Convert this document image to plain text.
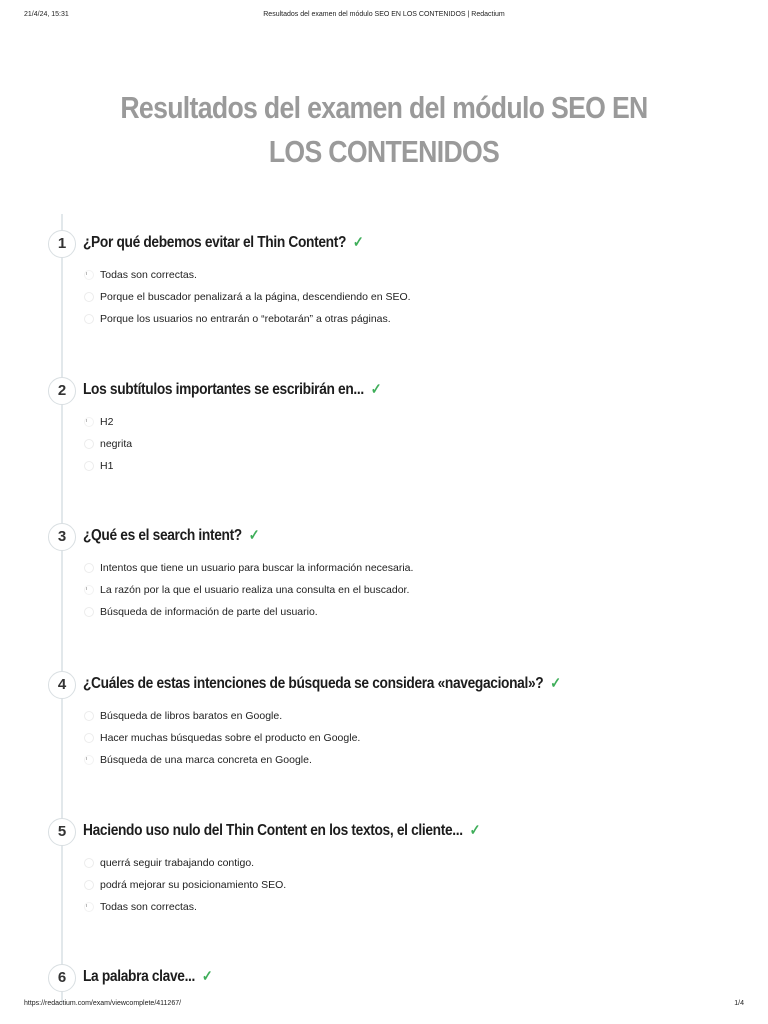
21/4/24, 15:31	Resultados del examen del módulo SEO EN LOS CONTENIDOS | Redactium
Resultados del examen del módulo SEO EN LOS CONTENIDOS
1	¿Por qué debemos evitar el Thin Content? ✓
Todas son correctas.
Porque el buscador penalizará a la página, descendiendo en SEO.
Porque los usuarios no entrarán o “rebotarán” a otras páginas.
2	Los subtítulos importantes se escribirán en... ✓
H2
negrita
H1
3	¿Qué es el search intent? ✓
Intentos que tiene un usuario para buscar la información necesaria.
La razón por la que el usuario realiza una consulta en el buscador.
Búsqueda de información de parte del usuario.
4	¿Cuáles de estas intenciones de búsqueda se considera «navegacional»? ✓
Búsqueda de libros baratos en Google.
Hacer muchas búsquedas sobre el producto en Google.
Búsqueda de una marca concreta en Google.
5	Haciendo uso nulo del Thin Content en los textos, el cliente... ✓
querrá seguir trabajando contigo.
podrá mejorar su posicionamiento SEO.
Todas son correctas.
6	La palabra clave... ✓
https://redactium.com/exam/viewcomplete/411267/	1/4
